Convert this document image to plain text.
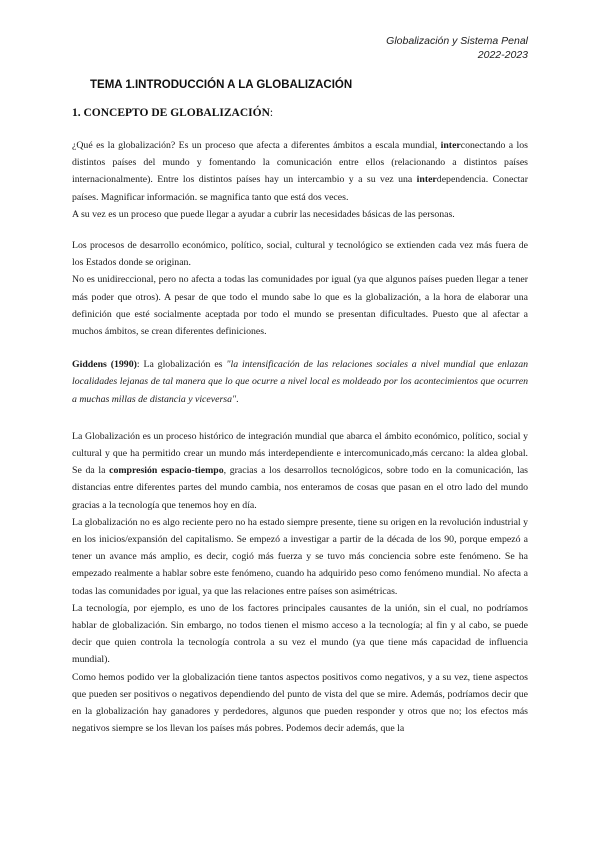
Globalización y Sistema Penal
2022-2023
TEMA 1.INTRODUCCIÓN A LA GLOBALIZACIÓN
1. CONCEPTO DE GLOBALIZACIÓN:

¿Qué es la globalización? Es un proceso que afecta a diferentes ámbitos a escala mundial, interconectando a los distintos países del mundo y fomentando la comunicación entre ellos (relacionando a distintos países internacionalmente). Entre los distintos países hay un intercambio y a su vez una interdependencia. Conectar países. Magnificar información. se magnifica tanto que está dos veces.

A su vez es un proceso que puede llegar a ayudar a cubrir las necesidades básicas de las personas.

Los procesos de desarrollo económico, político, social, cultural y tecnológico se extienden cada vez más fuera de los Estados donde se originan.

No es unidireccional, pero no afecta a todas las comunidades por igual (ya que algunos países pueden llegar a tener más poder que otros). A pesar de que todo el mundo sabe lo que es la globalización, a la hora de elaborar una definición que esté socialmente aceptada por todo el mundo se presentan dificultades. Puesto que al afectar a muchos ámbitos, se crean diferentes definiciones.

Giddens (1990): La globalización es "la intensificación de las relaciones sociales a nivel mundial que enlazan localidades lejanas de tal manera que lo que ocurre a nivel local es moldeado por los acontecimientos que ocurren a muchas millas de distancia y viceversa".

La Globalización es un proceso histórico de integración mundial que abarca el ámbito económico, político, social y cultural y que ha permitido crear un mundo más interdependiente e intercomunicado,más cercano: la aldea global. Se da la compresión espacio-tiempo, gracias a los desarrollos tecnológicos, sobre todo en la comunicación, las distancias entre diferentes partes del mundo cambia, nos enteramos de cosas que pasan en el otro lado del mundo gracias a la tecnología que tenemos hoy en día.

La globalización no es algo reciente pero no ha estado siempre presente, tiene su origen en la revolución industrial y en los inicios/expansión del capitalismo. Se empezó a investigar a partir de la década de los 90, porque empezó a tener un avance más amplio, es decir, cogió más fuerza y se tuvo más conciencia sobre este fenómeno. Se ha empezado realmente a hablar sobre este fenómeno, cuando ha adquirido peso como fenómeno mundial. No afecta a todas las comunidades por igual, ya que las relaciones entre países son asimétricas.

La tecnología, por ejemplo, es uno de los factores principales causantes de la unión, sin el cual, no podríamos hablar de globalización. Sin embargo, no todos tienen el mismo acceso a la tecnología; al fin y al cabo, se puede decir que quien controla la tecnología controla a su vez el mundo (ya que tiene más capacidad de influencia mundial).

Como hemos podido ver la globalización tiene tantos aspectos positivos como negativos, y a su vez, tiene aspectos que pueden ser positivos o negativos dependiendo del punto de vista del que se mire. Además, podríamos decir que en la globalización hay ganadores y perdedores, algunos que pueden responder y otros que no; los efectos más negativos siempre se los llevan los países más pobres. Podemos decir además, que la
